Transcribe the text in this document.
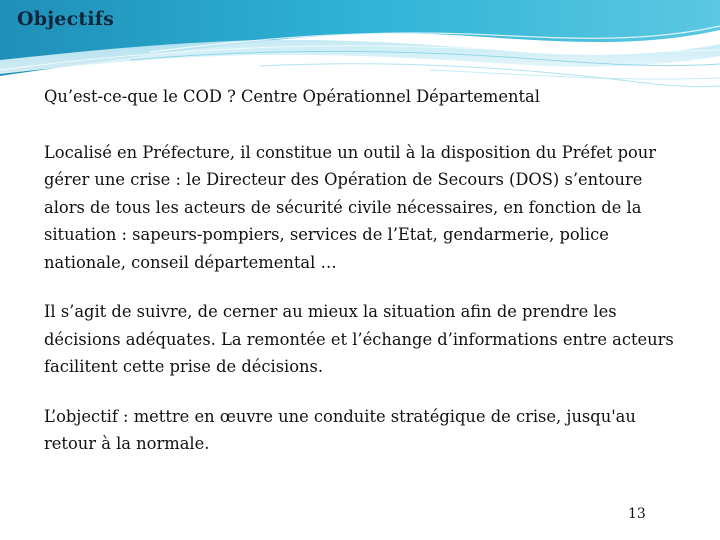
Objectifs

Qu’est-ce-que le COD ? Centre Opérationnel Départemental

Localisé en Préfecture, il constitue un outil à la disposition du Préfet pour gérer une crise : le Directeur des Opération de Secours (DOS) s’entoure alors de tous les acteurs de sécurité civile nécessaires, en fonction de la situation : sapeurs-pompiers, services de l’Etat, gendarmerie, police nationale, conseil départemental …

Il s’agit de suivre, de cerner au mieux la situation afin de prendre les décisions adéquates. La remontée et l’échange d’informations entre acteurs facilitent cette prise de décisions.

L’objectif : mettre en œuvre une conduite stratégique de crise, jusqu'au retour à la normale.

13
